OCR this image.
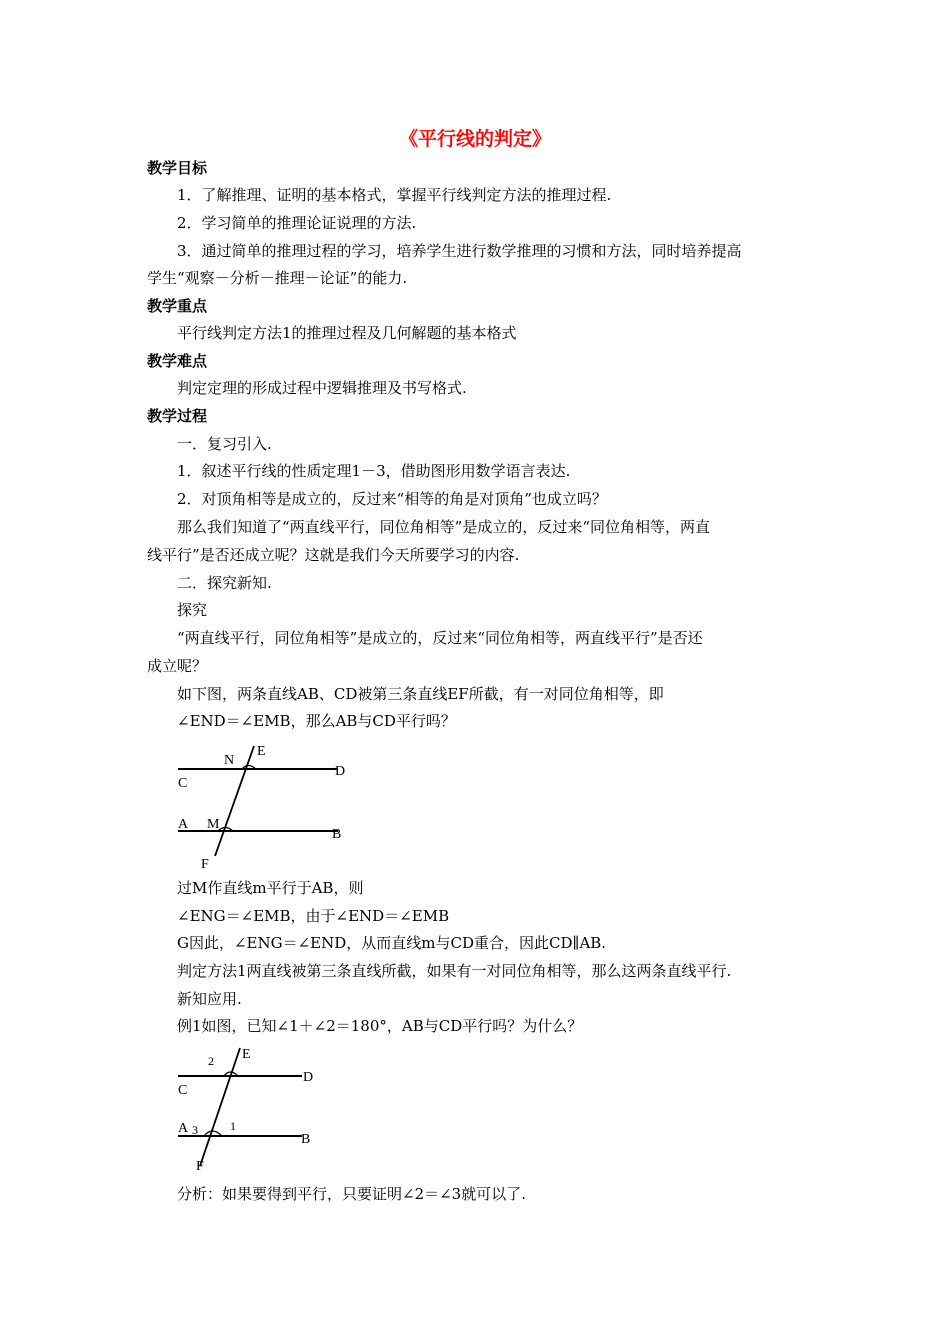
《平行线的判定》
教学目标
1．了解推理、证明的基本格式，掌握平行线判定方法的推理过程.
2．学习简单的推理论证说理的方法.
3．通过简单的推理过程的学习，培养学生进行数学推理的习惯和方法，同时培养提高
学生“观察－分析－推理－论证”的能力.
教学重点
平行线判定方法1的推理过程及几何解题的基本格式
教学难点
判定定理的形成过程中逻辑推理及书写格式.
教学过程
一．复习引入.
1．叙述平行线的性质定理1－3，借助图形用数学语言表达.
2．对顶角相等是成立的，反过来“相等的角是对顶角”也成立吗？
那么我们知道了“两直线平行，同位角相等”是成立的，反过来“同位角相等，两直
线平行”是否还成立呢？这就是我们今天所要学习的内容.
二．探究新知.
探究
“两直线平行，同位角相等”是成立的，反过来“同位角相等，两直线平行”是否还
成立呢？
如下图，两条直线AB、CD被第三条直线EF所截，有一对同位角相等，即
∠END＝∠EMB，那么AB与CD平行吗？
N
E
C
D
A M
B
F
过M作直线m平行于AB，则
∠ENG＝∠EMB，由于∠END＝∠EMB
G因此，∠ENG＝∠END，从而直线m与CD重合，因此CD∥AB.
判定方法1两直线被第三条直线所截，如果有一对同位角相等，那么这两条直线平行.
新知应用.
例1如图，已知∠1＋∠2＝180°，AB与CD平行吗？为什么？
2 E
C
D
A 3	1
B
F
分析：如果要得到平行，只要证明∠2＝∠3就可以了.
